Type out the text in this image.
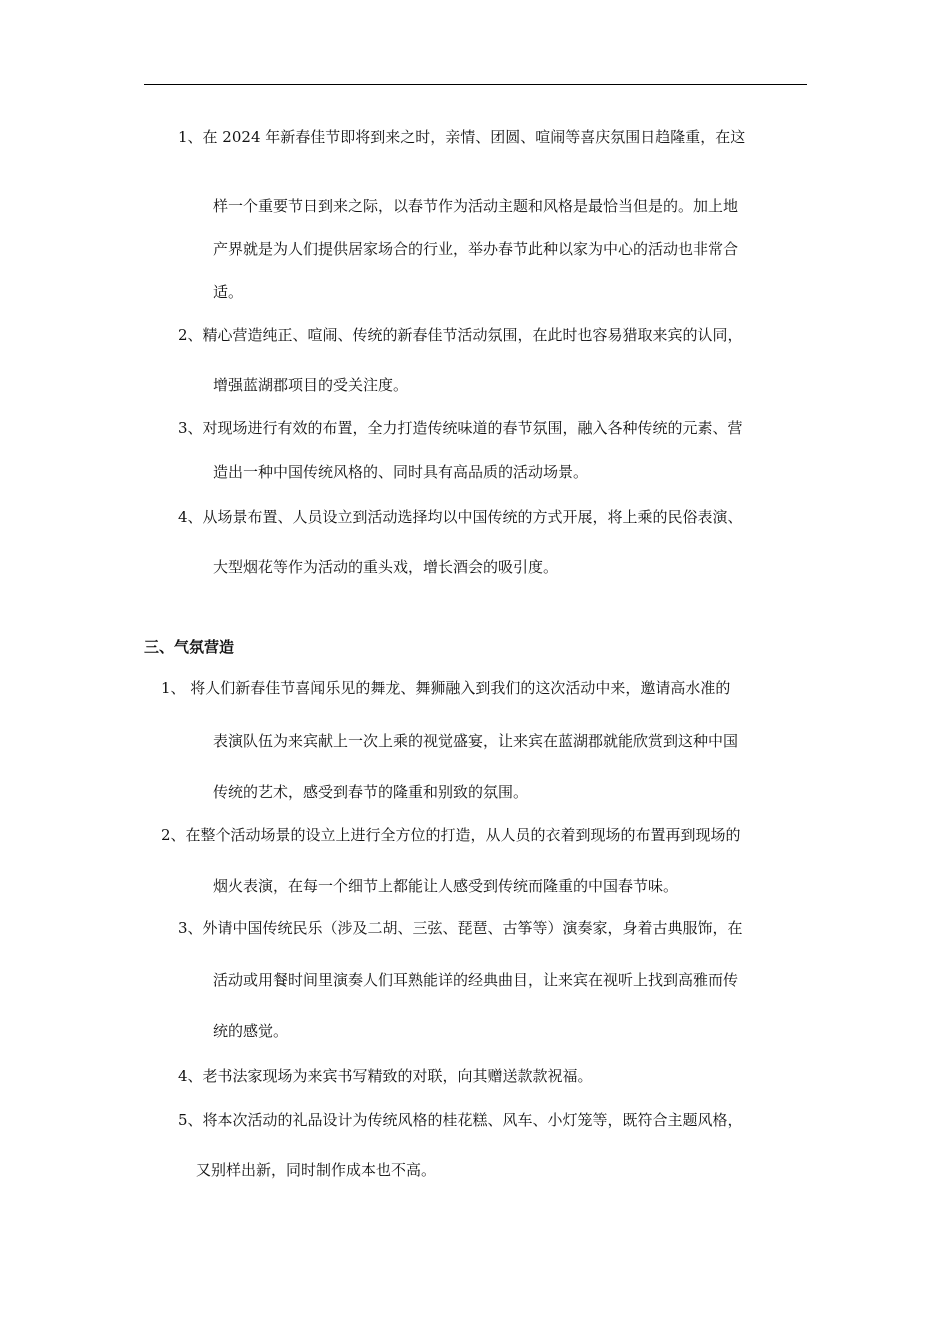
1、在 2024 年新春佳节即将到来之时，亲情、团圆、喧闹等喜庆氛围日趋隆重，在这
样一个重要节日到来之际，以春节作为活动主题和风格是最恰当但是的。加上地
产界就是为人们提供居家场合的行业，举办春节此种以家为中心的活动也非常合
适。
2、精心营造纯正、喧闹、传统的新春佳节活动氛围，在此时也容易猎取来宾的认同，
增强蓝湖郡项目的受关注度。
3、对现场进行有效的布置，全力打造传统味道的春节氛围，融入各种传统的元素、营
造出一种中国传统风格的、同时具有高品质的活动场景。
4、从场景布置、人员设立到活动选择均以中国传统的方式开展，将上乘的民俗表演、
大型烟花等作为活动的重头戏，增长酒会的吸引度。
三、气氛营造
1、 将人们新春佳节喜闻乐见的舞龙、舞狮融入到我们的这次活动中来，邀请高水准的
表演队伍为来宾献上一次上乘的视觉盛宴，让来宾在蓝湖郡就能欣赏到这种中国
传统的艺术，感受到春节的隆重和别致的氛围。
2、在整个活动场景的设立上进行全方位的打造，从人员的衣着到现场的布置再到现场的
烟火表演，在每一个细节上都能让人感受到传统而隆重的中国春节味。
3、外请中国传统民乐（涉及二胡、三弦、琵琶、古筝等）演奏家，身着古典服饰，在
活动或用餐时间里演奏人们耳熟能详的经典曲目，让来宾在视听上找到高雅而传
统的感觉。
4、老书法家现场为来宾书写精致的对联，向其赠送款款祝福。
5、将本次活动的礼品设计为传统风格的桂花糕、风车、小灯笼等，既符合主题风格，
又别样出新，同时制作成本也不高。
